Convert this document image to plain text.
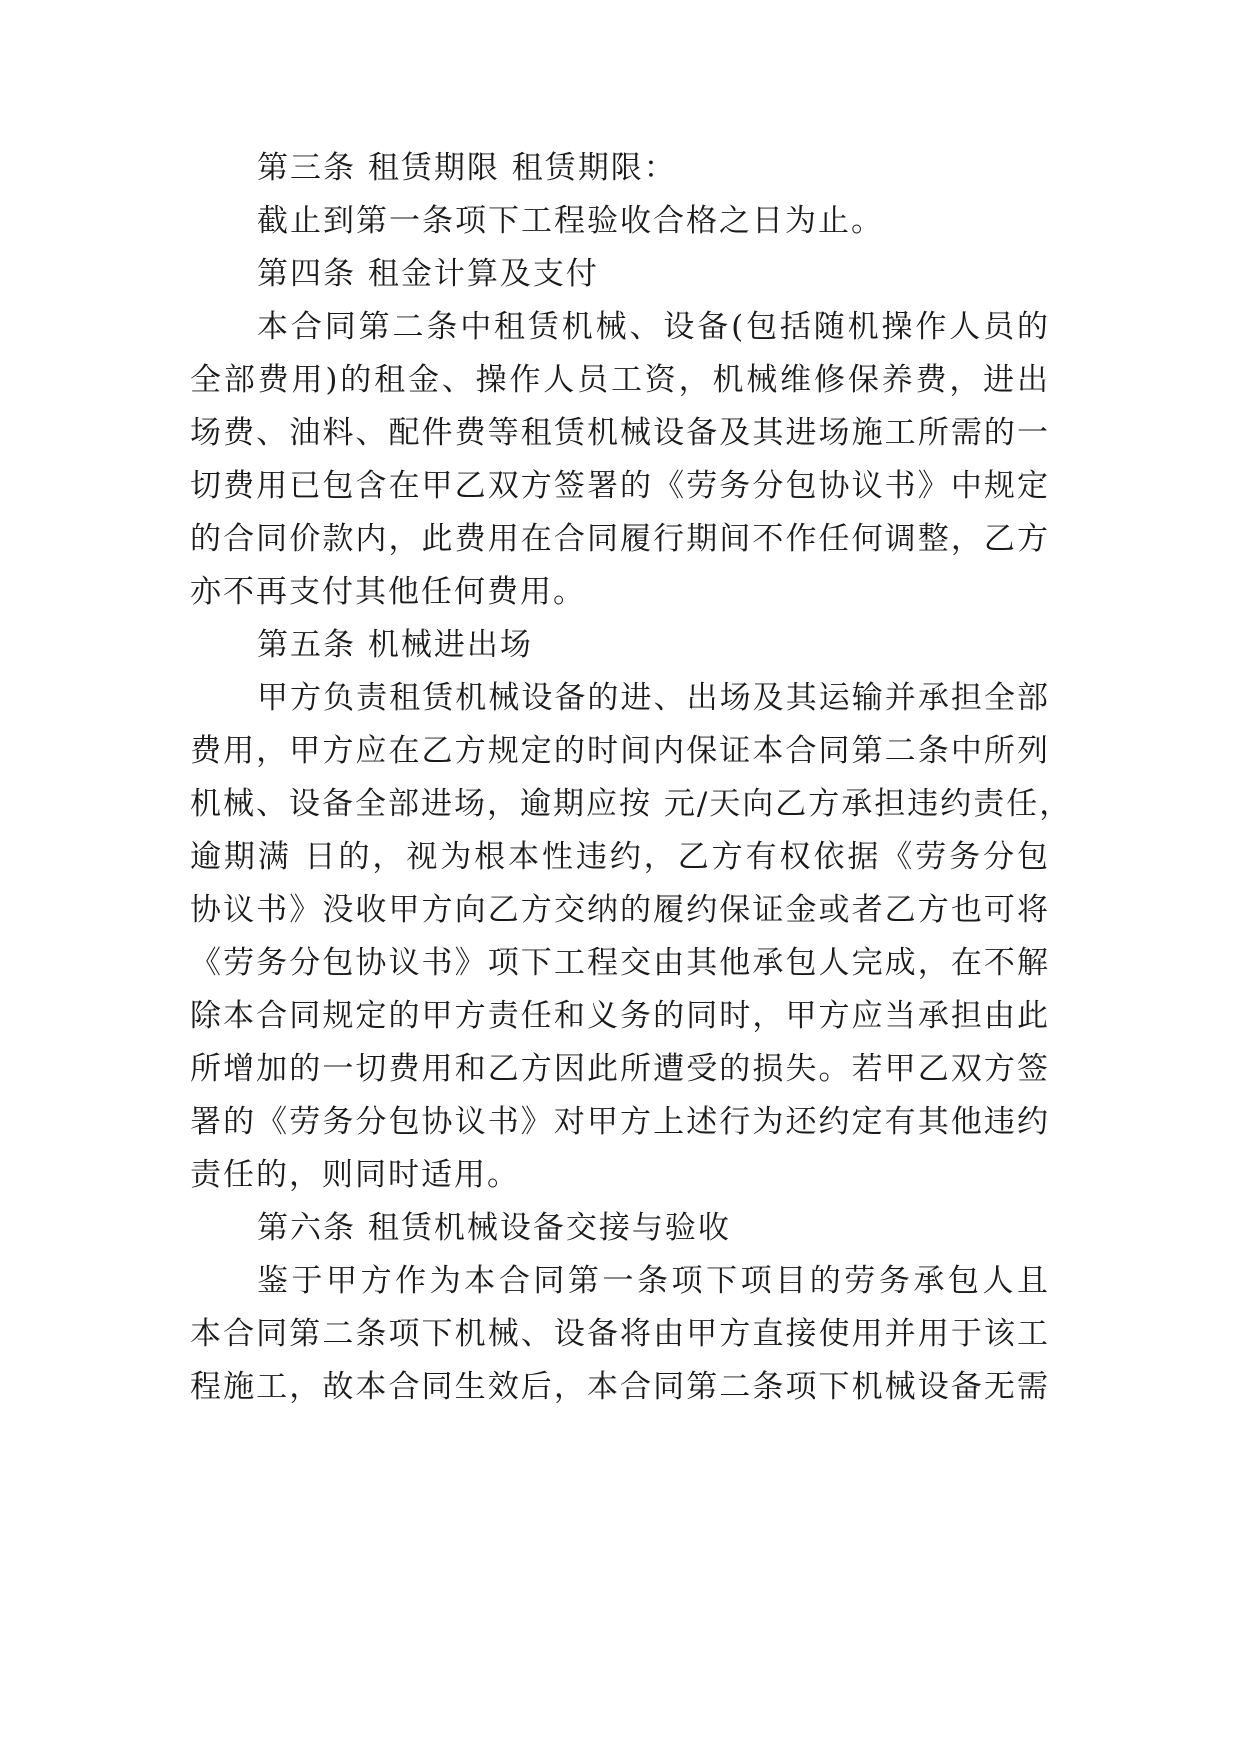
第三条 租赁期限 租赁期限：
截止到第一条项下工程验收合格之日为止。
第四条 租金计算及支付
本合同第二条中租赁机械、设备(包括随机操作人员的
全部费用)的租金、操作人员工资，机械维修保养费，进出
场费、油料、配件费等租赁机械设备及其进场施工所需的一
切费用已包含在甲乙双方签署的《劳务分包协议书》中规定
的合同价款内，此费用在合同履行期间不作任何调整，乙方
亦不再支付其他任何费用。
第五条 机械进出场
甲方负责租赁机械设备的进、出场及其运输并承担全部
费用，甲方应在乙方规定的时间内保证本合同第二条中所列
机械、设备全部进场，逾期应按 元/天向乙方承担违约责任，
逾期满 日的，视为根本性违约，乙方有权依据《劳务分包
协议书》没收甲方向乙方交纳的履约保证金或者乙方也可将
《劳务分包协议书》项下工程交由其他承包人完成，在不解
除本合同规定的甲方责任和义务的同时，甲方应当承担由此
所增加的一切费用和乙方因此所遭受的损失。若甲乙双方签
署的《劳务分包协议书》对甲方上述行为还约定有其他违约
责任的，则同时适用。
第六条 租赁机械设备交接与验收
鉴于甲方作为本合同第一条项下项目的劳务承包人且
本合同第二条项下机械、设备将由甲方直接使用并用于该工
程施工，故本合同生效后，本合同第二条项下机械设备无需
